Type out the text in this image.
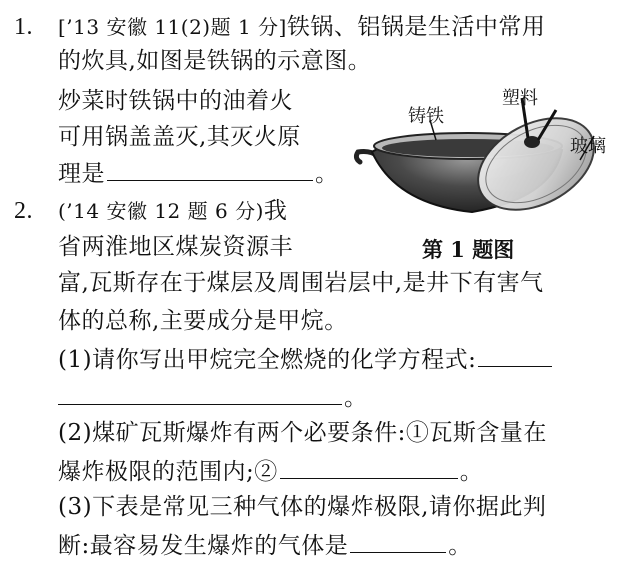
1. [’13 安徽 11(2)题 1 分]铁锅、铝锅是生活中常用
的炊具,如图是铁锅的示意图。
炒菜时铁锅中的油着火
可用锅盖盖灭,其灭火原
理是	。
铸铁
塑料
玻璃
第 1 题图
2. (’14 安徽 12 题 6 分)我
省两淮地区煤炭资源丰
富,瓦斯存在于煤层及周围岩层中,是井下有害气
体的总称,主要成分是甲烷。
(1)请你写出甲烷完全燃烧的化学方程式:
。
(2)煤矿瓦斯爆炸有两个必要条件:①瓦斯含量在
爆炸极限的范围内;②	。
(3)下表是常见三种气体的爆炸极限,请你据此判
断:最容易发生爆炸的气体是	。
